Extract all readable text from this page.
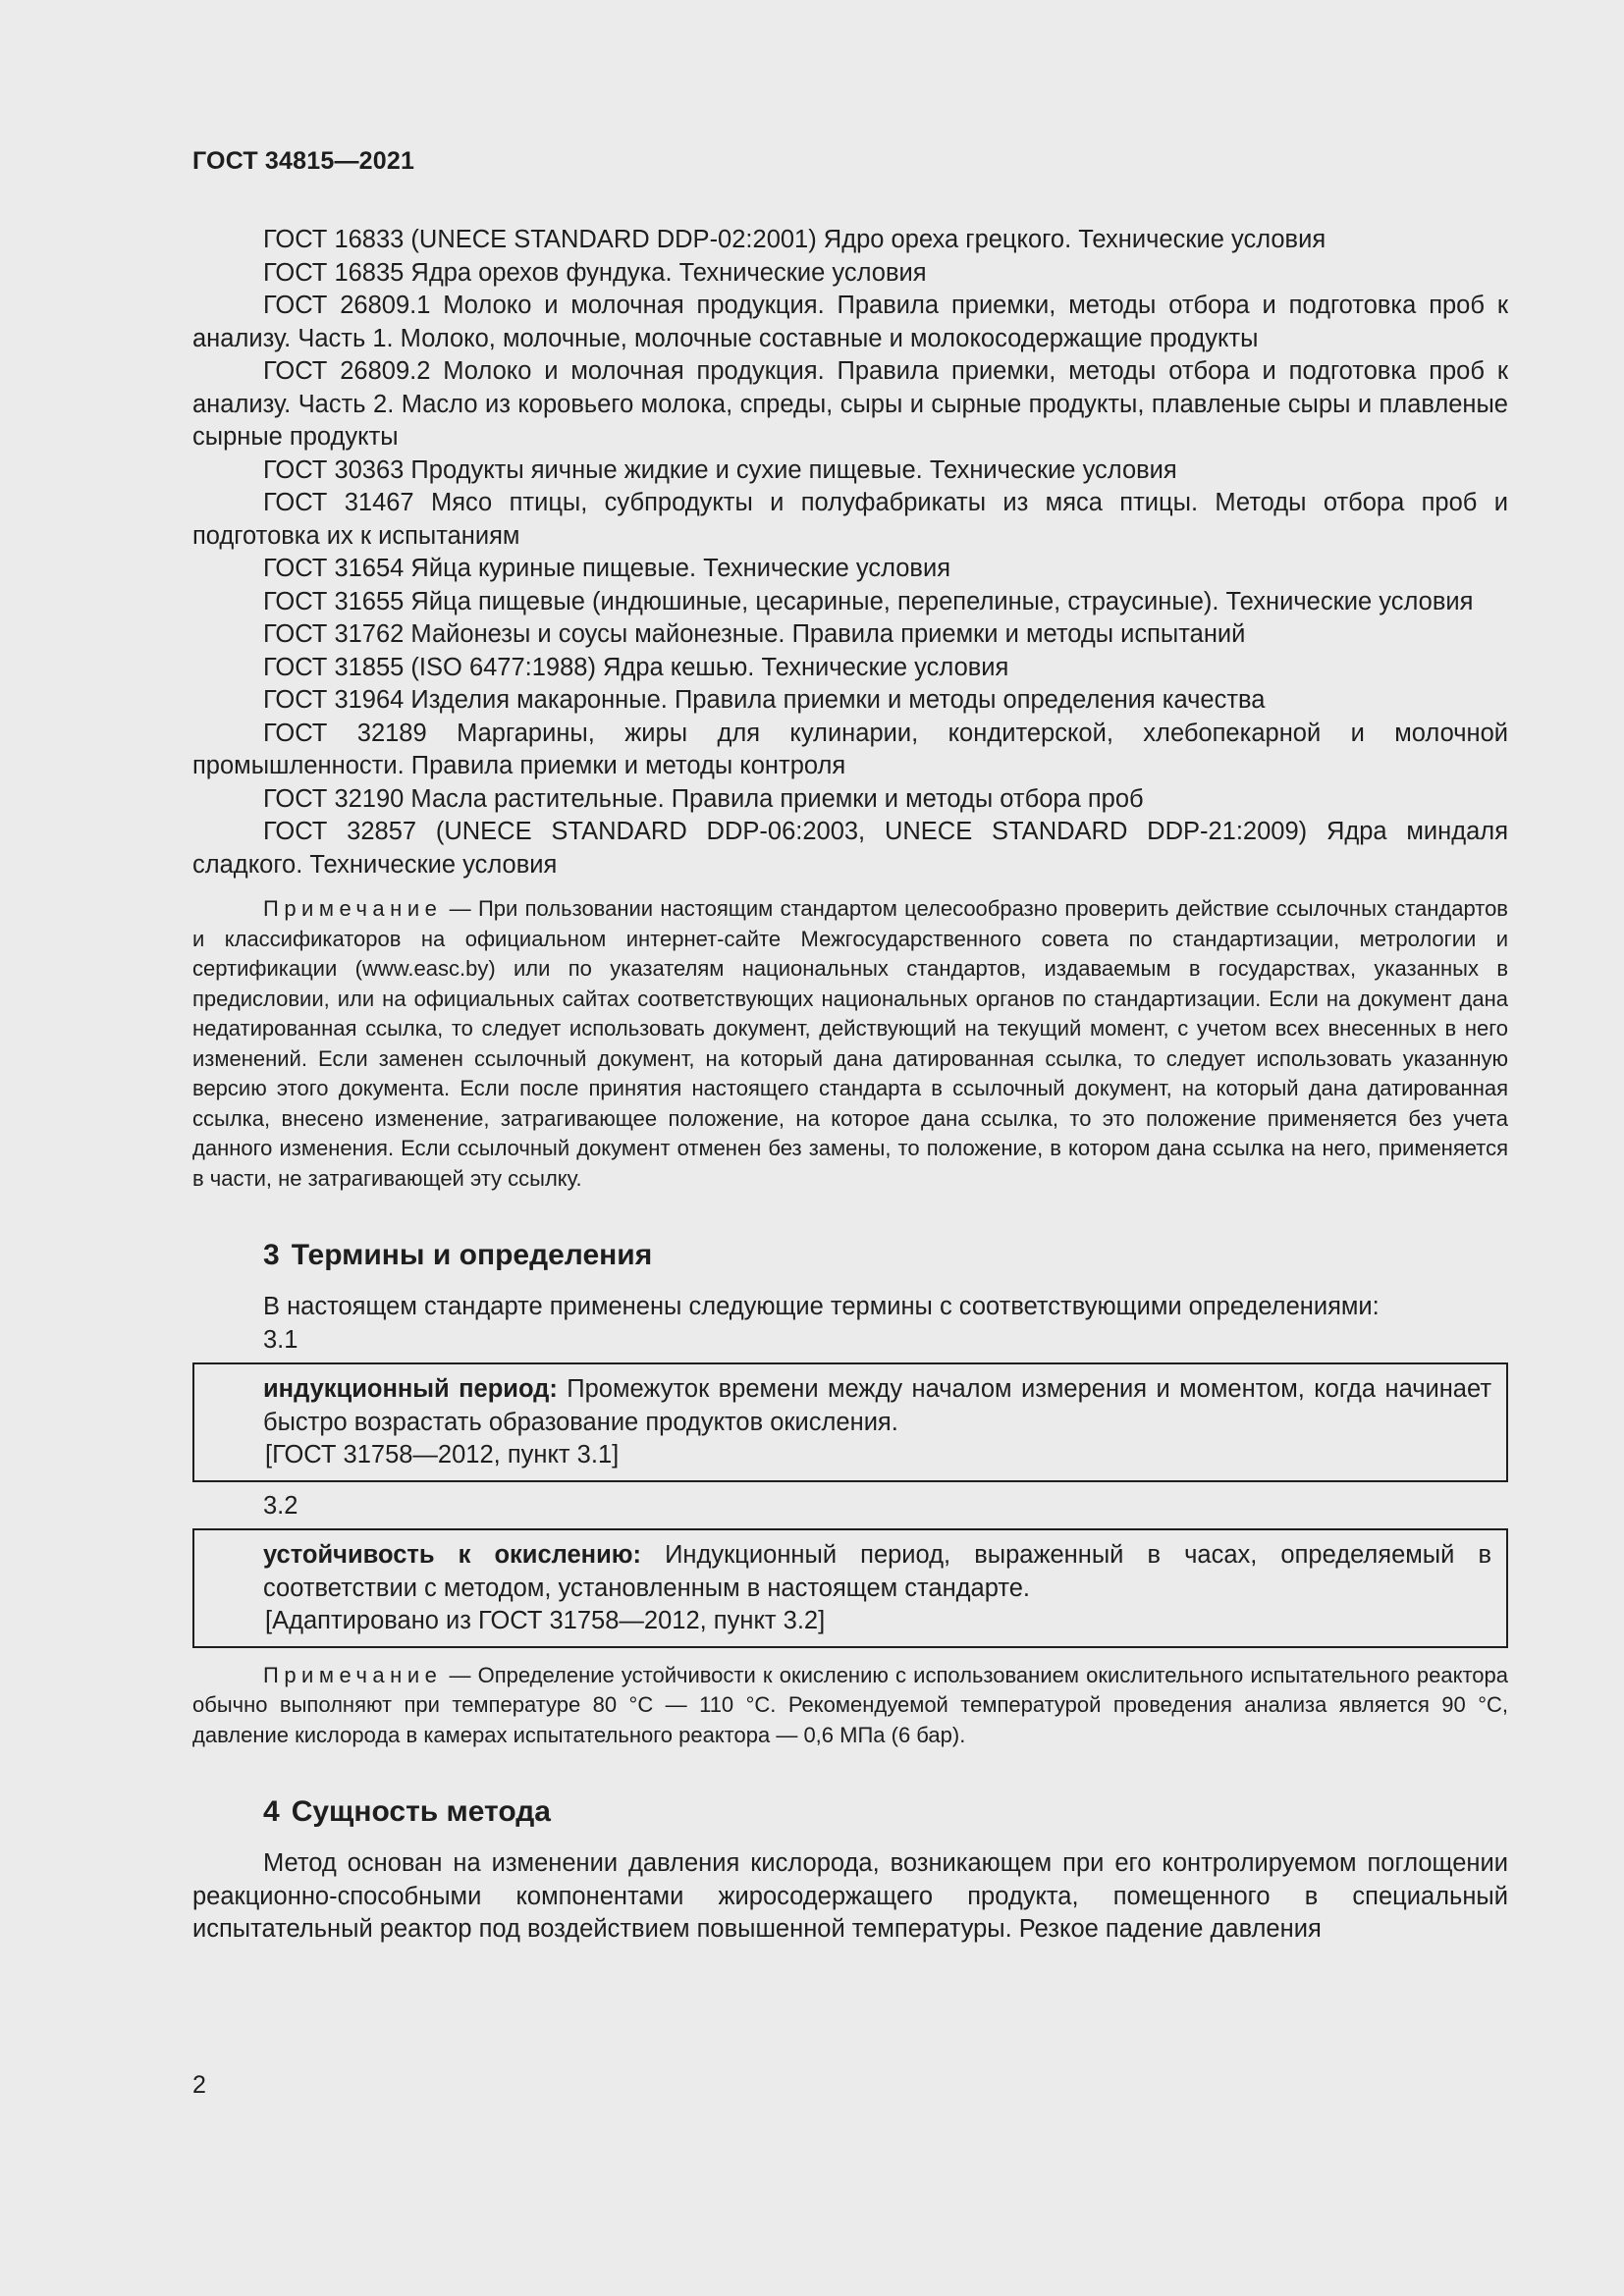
ГОСТ 34815—2021

ГОСТ 16833 (UNECE STANDARD DDP-02:2001) Ядро ореха грецкого. Технические условия

ГОСТ 16835 Ядра орехов фундука. Технические условия

ГОСТ 26809.1 Молоко и молочная продукция. Правила приемки, методы отбора и подготовка проб к анализу. Часть 1. Молоко, молочные, молочные составные и молокосодержащие продукты

ГОСТ 26809.2 Молоко и молочная продукция. Правила приемки, методы отбора и подготовка проб к анализу. Часть 2. Масло из коровьего молока, спреды, сыры и сырные продукты, плавленые сыры и плавленые сырные продукты

ГОСТ 30363 Продукты яичные жидкие и сухие пищевые. Технические условия

ГОСТ 31467 Мясо птицы, субпродукты и полуфабрикаты из мяса птицы. Методы отбора проб и подготовка их к испытаниям

ГОСТ 31654 Яйца куриные пищевые. Технические условия

ГОСТ 31655 Яйца пищевые (индюшиные, цесариные, перепелиные, страусиные). Технические условия

ГОСТ 31762 Майонезы и соусы майонезные. Правила приемки и методы испытаний

ГОСТ 31855 (ISO 6477:1988) Ядра кешью. Технические условия

ГОСТ 31964 Изделия макаронные. Правила приемки и методы определения качества

ГОСТ 32189 Маргарины, жиры для кулинарии, кондитерской, хлебопекарной и молочной промышленности. Правила приемки и методы контроля

ГОСТ 32190 Масла растительные. Правила приемки и методы отбора проб

ГОСТ 32857 (UNECE STANDARD DDP-06:2003, UNECE STANDARD DDP-21:2009) Ядра миндаля сладкого. Технические условия

Примечание — При пользовании настоящим стандартом целесообразно проверить действие ссылочных стандартов и классификаторов на официальном интернет-сайте Межгосударственного совета по стандартизации, метрологии и сертификации (www.easc.by) или по указателям национальных стандартов, издаваемым в государствах, указанных в предисловии, или на официальных сайтах соответствующих национальных органов по стандартизации. Если на документ дана недатированная ссылка, то следует использовать документ, действующий на текущий момент, с учетом всех внесенных в него изменений. Если заменен ссылочный документ, на который дана датированная ссылка, то следует использовать указанную версию этого документа. Если после принятия настоящего стандарта в ссылочный документ, на который дана датированная ссылка, внесено изменение, затрагивающее положение, на которое дана ссылка, то это положение применяется без учета данного изменения. Если ссылочный документ отменен без замены, то положение, в котором дана ссылка на него, применяется в части, не затрагивающей эту ссылку.

3 Термины и определения

В настоящем стандарте применены следующие термины с соответствующими определениями:

3.1

индукционный период: Промежуток времени между началом измерения и моментом, когда начинает быстро возрастать образование продуктов окисления.
[ГОСТ 31758—2012, пункт 3.1]

3.2

устойчивость к окислению: Индукционный период, выраженный в часах, определяемый в соответствии с методом, установленным в настоящем стандарте.
[Адаптировано из ГОСТ 31758—2012, пункт 3.2]

Примечание — Определение устойчивости к окислению с использованием окислительного испытательного реактора обычно выполняют при температуре 80 °С — 110 °С. Рекомендуемой температурой проведения анализа является 90 °С, давление кислорода в камерах испытательного реактора — 0,6 МПа (6 бар).

4 Сущность метода

Метод основан на изменении давления кислорода, возникающем при его контролируемом поглощении реакционно-способными компонентами жиросодержащего продукта, помещенного в специальный испытательный реактор под воздействием повышенной температуры. Резкое падение давления

2
